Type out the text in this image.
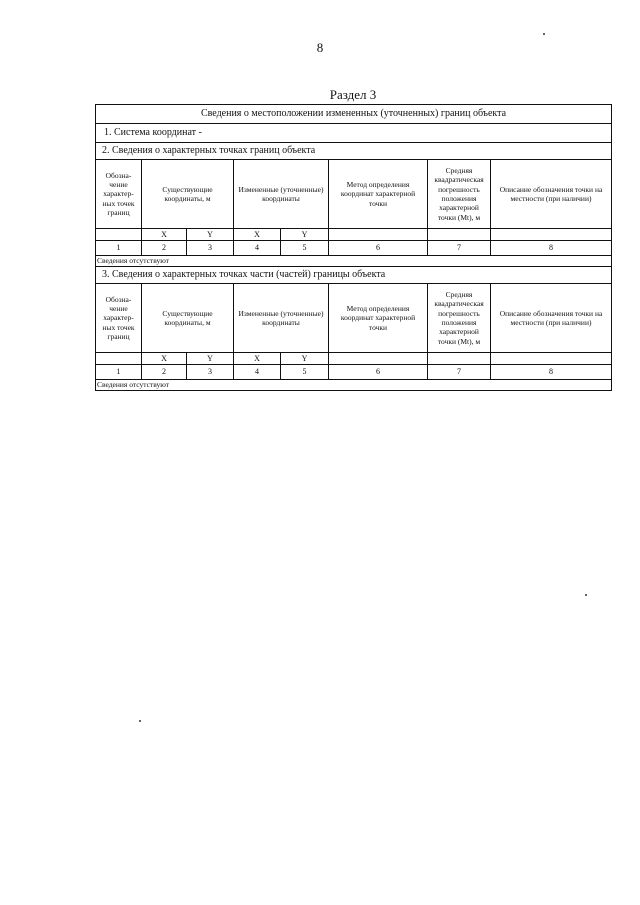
8
Раздел 3
Сведения о местоположении измененных (уточненных) границ объекта							
1. Система координат -							
2. Сведения о характерных точках границ объекта							
Обозна-чение характер-ных точек границ	Существующие координаты, м		Измененные (уточненные) координаты		Метод определения координат характерной точки	Средняя квадратическая погрешность положения характерной точки (Mt), м	Описание обозначения точки на местности (при наличии)
	X	Y	X	Y			
1	2	3	4	5	6	7	8
Сведения отсутствуют							
3. Сведения о характерных точках части (частей) границы объекта							
Обозна-чение характер-ных точек границ	Существующие координаты, м		Измененные (уточненные) координаты		Метод определения координат характерной точки	Средняя квадратическая погрешность положения характерной точки (Mt), м	Описание обозначения точки на местности (при наличии)
	X	Y	X	Y			
1	2	3	4	5	6	7	8
Сведения отсутствуют							
